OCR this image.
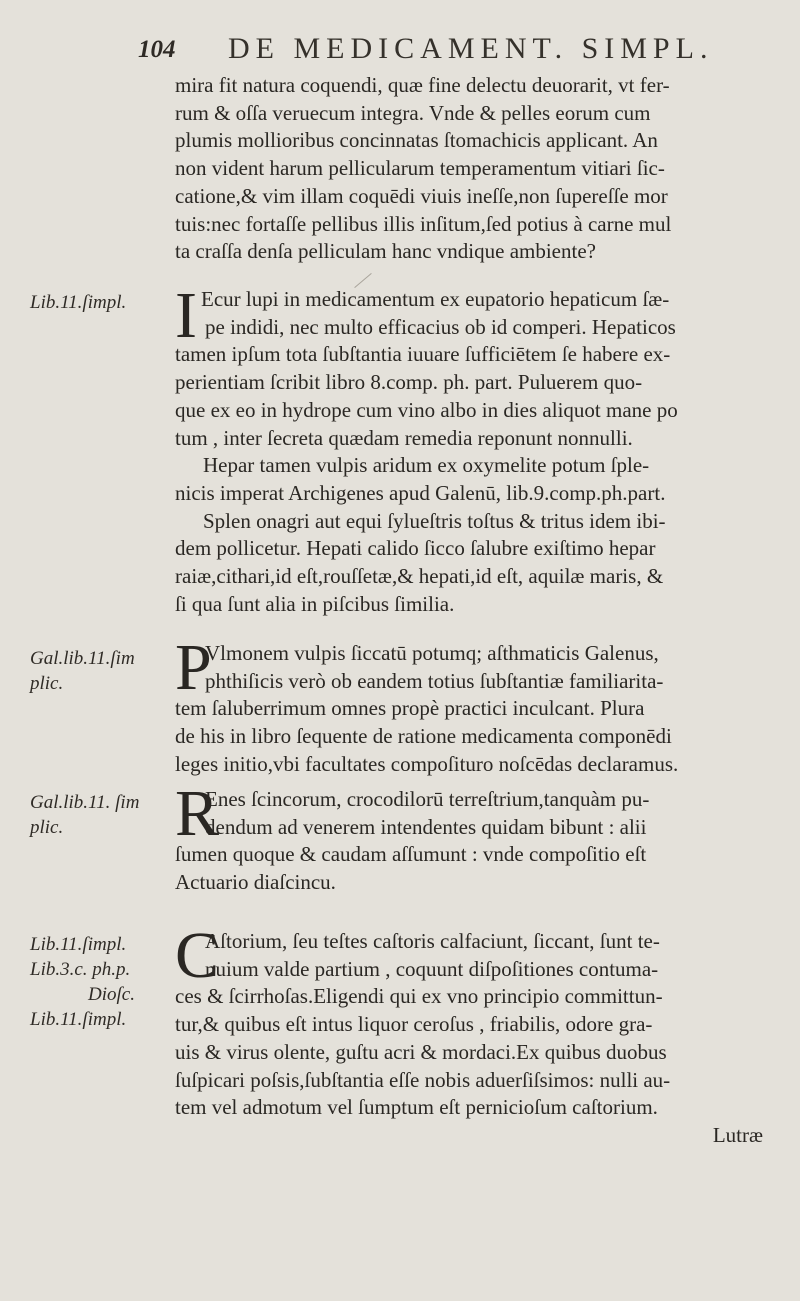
104 DE MEDICAMENT. SIMPL.
mira fit natura coquendi, quæ fine delectu deuorarit, vt fer-
rum & oſſa veruecum integra. Vnde & pelles eorum cum
plumis mollioribus concinnatas ſtomachicis applicant. An
non vident harum pellicularum temperamentum vitiari ſic-
catione,& vim illam coquēdi viuis ineſſe,non ſupereſſe mor
tuis:nec fortaſſe pellibus illis inſitum,ſed potius à carne mul
ta craſſa denſa pelliculam hanc vndique ambiente?
Lib.11.ſimpl. I Ecur lupi in medicamentum ex eupatorio hepaticum ſæ-
pe indidi, nec multo efficacius ob id comperi. Hepaticos
tamen ipſum tota ſubſtantia iuuare ſufficiētem ſe habere ex-
perientiam ſcribit libro 8.comp. ph. part. Puluerem quo-
que ex eo in hydrope cum vino albo in dies aliquot mane po
tum , inter ſecreta quædam remedia reponunt nonnulli.
Hepar tamen vulpis aridum ex oxymelite potum ſple-
nicis imperat Archigenes apud Galenū, lib.9.comp.ph.part.
Splen onagri aut equi ſylueſtris toſtus & tritus idem ibi-
dem pollicetur. Hepati calido ſicco ſalubre exiſtimo hepar
raiæ,cithari,id eſt,rouſſetæ,& hepati,id eſt, aquilæ maris, &
ſi qua ſunt alia in piſcibus ſimilia.
Gal.lib.11.ſim
plic.	P
Vlmonem vulpis ſiccatū potumq; aſthmaticis Galenus,
phthiſicis verò ob eandem totius ſubſtantiæ familiarita-
tem ſaluberrimum omnes propè practici inculcant. Plura
de his in libro ſequente de ratione medicamenta componēdi
leges initio,vbi facultates compoſituro noſcēdas declaramus.
Gal.lib.11. ſim
plic.	R
Enes ſcincorum, crocodilorū terreſtrium,tanquàm pu-
dendum ad venerem intendentes quidam bibunt : alii
ſumen quoque & caudam aſſumunt : vnde compoſitio eſt
Actuario diaſcincu.
Lib.11.ſimpl.
Lib.3.c. ph.p.
Dioſc.
Lib.11.ſimpl.
C
Aſtorium, ſeu teſtes caſtoris calfaciunt, ſiccant, ſunt te-
nuium valde partium , coquunt diſpoſitiones contuma-
ces & ſcirrhoſas.Eligendi qui ex vno principio committun-
tur,& quibus eſt intus liquor ceroſus , friabilis, odore gra-
uis & virus olente, guſtu acri & mordaci.Ex quibus duobus
ſuſpicari poſsis,ſubſtantia eſſe nobis aduerſiſsimos: nulli au-
tem vel admotum vel ſumptum eſt pernicioſum caſtorium.
Lutræ
